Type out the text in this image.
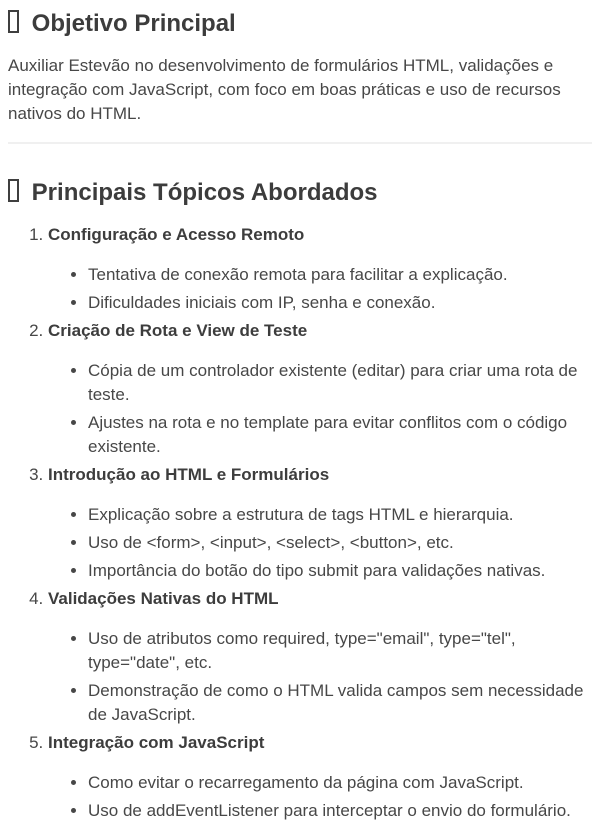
Objetivo Principal

Auxiliar Estevão no desenvolvimento de formulários HTML, validações e integração com JavaScript, com foco em boas práticas e uso de recursos nativos do HTML.

Principais Tópicos Abordados

1. Configuração e Acesso Remoto

• Tentativa de conexão remota para facilitar a explicação.
• Dificuldades iniciais com IP, senha e conexão.

2. Criação de Rota e View de Teste

• Cópia de um controlador existente (editar) para criar uma rota de teste.
• Ajustes na rota e no template para evitar conflitos com o código existente.

3. Introdução ao HTML e Formulários

• Explicação sobre a estrutura de tags HTML e hierarquia.
• Uso de <form>, <input>, <select>, <button>, etc.
• Importância do botão do tipo submit para validações nativas.

4. Validações Nativas do HTML

• Uso de atributos como required, type="email", type="tel", type="date", etc.
• Demonstração de como o HTML valida campos sem necessidade de JavaScript.

5. Integração com JavaScript

• Como evitar o recarregamento da página com JavaScript.
• Uso de addEventListener para interceptar o envio do formulário.
